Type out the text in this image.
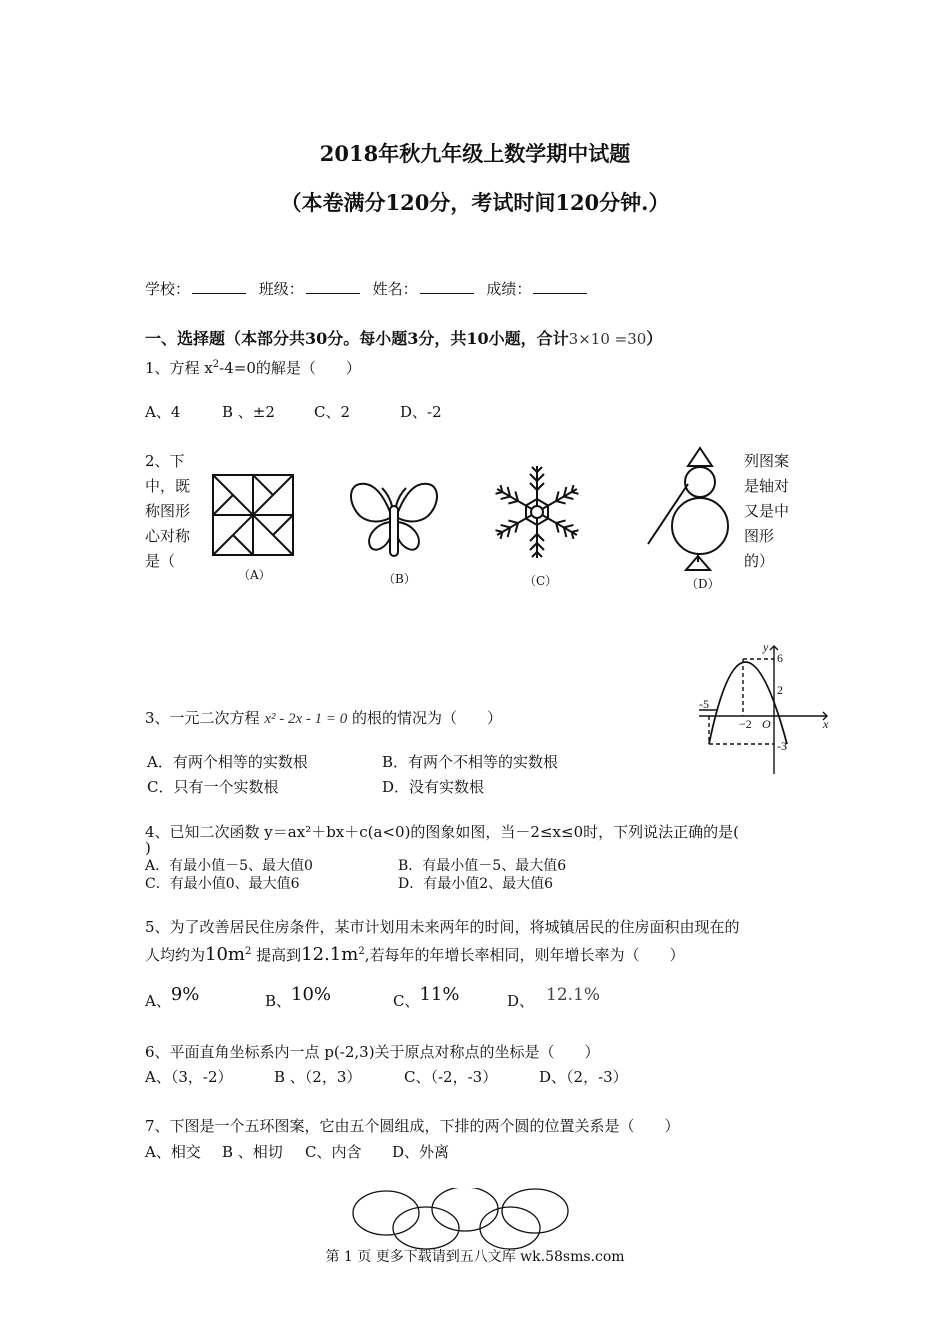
2018年秋九年级上数学期中试题
（本卷满分120分，考试时间120分钟.）
学校：	班级：	姓名：	成绩：
一、选择题（本部分共30分。每小题3分，共10小题，合计3×10 =30）
1、方程 $x^2-4=0$的解是（　　）
A、4	B 、±2	C、2	D、-2
2、下中，既称图形心对称是（
列图案是轴对又是中图形的）
（A）	（B）	（C）	（D）
y
x
6
2
-5
−2 O
-3
3、一元二次方程 x² - 2x - 1 = 0 的根的情况为（　　）
A．有两个相等的实数根	B．有两个不相等的实数根
C．只有一个实数根	D．没有实数根
4、已知二次函数 y＝ax²＋bx＋c(a<0)的图象如图，当－2≤x≤0时，下列说法正确的是(
)
A．有最小值－5、最大值0	B．有最小值－5、最大值6
C．有最小值0、最大值6	D．有最小值2、最大值6
5、为了改善居民住房条件，某市计划用未来两年的时间，将城镇居民的住房面积由现在的
人均约为$10m^2$ 提高到$12.1m^2$,若每年的年增长率相同，则年增长率为（　　）
A、9%	B、10%	C、11%	D、 12.1%
6、平面直角坐标系内一点 p(-2,3)关于原点对称点的坐标是（　　）
A、（3，-2）	B 、（2，3）	C、（-2，-3）	D、（2，-3）
7、下图是一个五环图案，它由五个圆组成，下排的两个圆的位置关系是（　　）
A、相交 B 、相切 C、内含 D、外离
第 1 页 更多下载请到五八文库 wk.58sms.com
